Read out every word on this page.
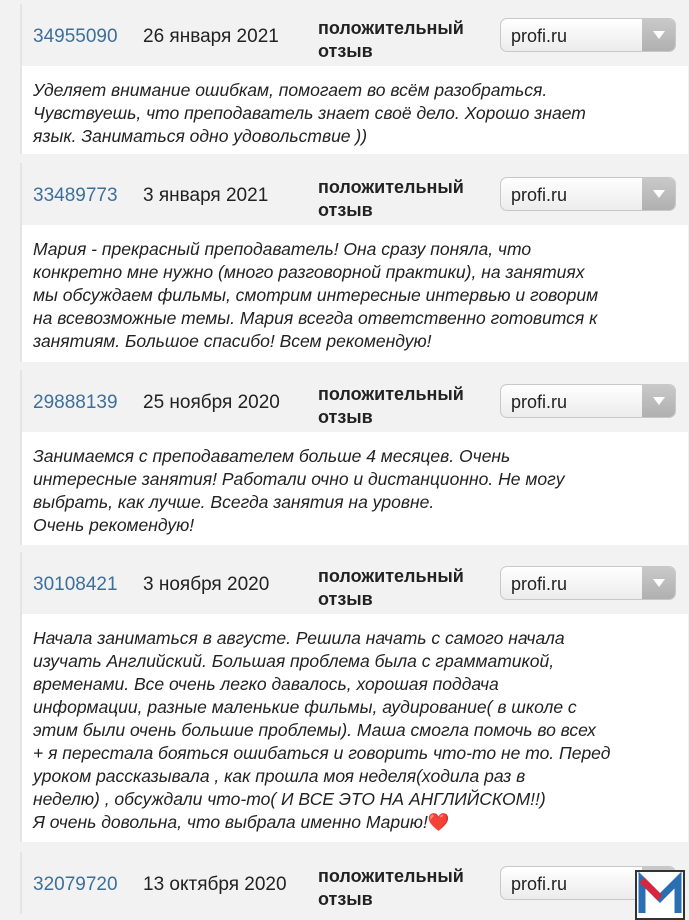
34955090 26 января 2021 положительный
отзыв
profi.ru

Уделяет внимание ошибкам, помогает во всём разобраться.
Чувствуешь, что преподаватель знает своё дело. Хорошо знает
язык. Заниматься одно удовольствие ))

33489773 3 января 2021	положительный
отзыв
profi.ru

Мария - прекрасный преподаватель! Она сразу поняла, что
конкретно мне нужно (много разговорной практики), на занятиях
мы обсуждаем фильмы, смотрим интересные интервью и говорим
на всевозможные темы. Мария всегда ответственно готовится к
занятиям. Большое спасибо! Всем рекомендую!

29888139 25 ноября 2020 положительный
отзыв
profi.ru

Занимаемся с преподавателем больше 4 месяцев. Очень
интересные занятия! Работали очно и дистанционно. Не могу
выбрать, как лучше. Всегда занятия на уровне.
Очень рекомендую!

30108421 3 ноября 2020	положительный
отзыв
profi.ru

Начала заниматься в августе. Решила начать с самого начала
изучать Английский. Большая проблема была с грамматикой,
временами. Все очень легко давалось, хорошая поддача
информации, разные маленькие фильмы, аудирование( в школе с
этим были очень большие проблемы). Маша смогла помочь во всех
+ я перестала бояться ошибаться и говорить что-то не то. Перед
уроком рассказывала , как прошла моя неделя(ходила раз в
неделю) , обсуждали что-то( И ВСЕ ЭТО НА АНГЛИЙСКОМ!!)
Я очень довольна, что выбрала именно Марию!❤️

32079720 13 октября 2020 положительный
отзыв
profi.ru
